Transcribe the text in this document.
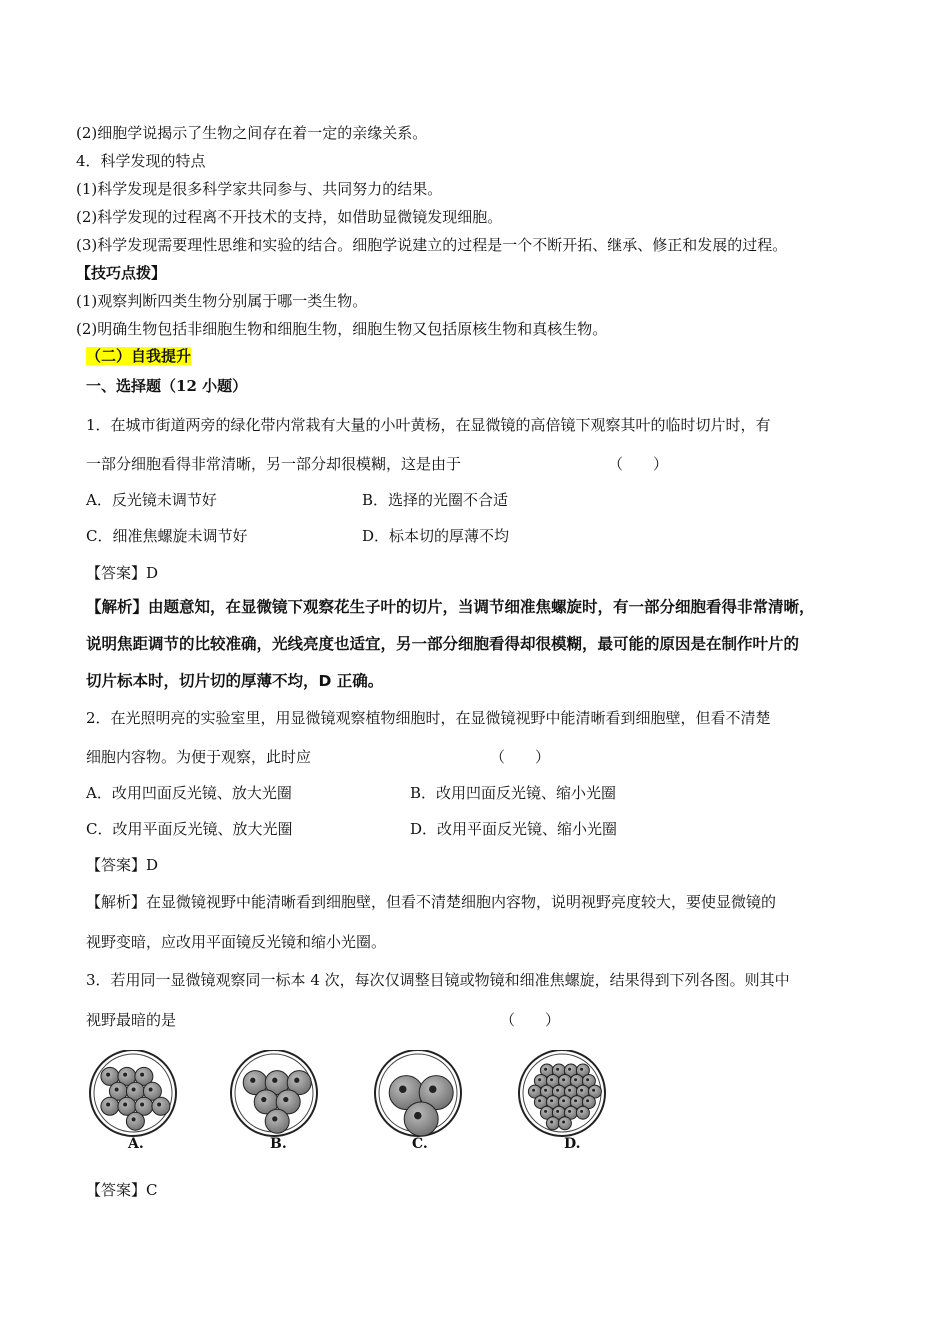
(2)细胞学说揭示了生物之间存在着一定的亲缘关系。
4．科学发现的特点
(1)科学发现是很多科学家共同参与、共同努力的结果。
(2)科学发现的过程离不开技术的支持，如借助显微镜发现细胞。
(3)科学发现需要理性思维和实验的结合。细胞学说建立的过程是一个不断开拓、继承、修正和发展的过程。
【技巧点拨】
(1)观察判断四类生物分别属于哪一类生物。
(2)明确生物包括非细胞生物和细胞生物，细胞生物又包括原核生物和真核生物。
（二）自我提升
一、选择题（12 小题）
1．在城市街道两旁的绿化带内常栽有大量的小叶黄杨，在显微镜的高倍镜下观察其叶的临时切片时，有
一部分细胞看得非常清晰，另一部分却很模糊，这是由于	（　　）
A．反光镜未调节好	B．选择的光圈不合适
C．细准焦螺旋未调节好	D．标本切的厚薄不均
【答案】D
【解析】由题意知，在显微镜下观察花生子叶的切片，当调节细准焦螺旋时，有一部分细胞看得非常清晰，
说明焦距调节的比较准确，光线亮度也适宜，另一部分细胞看得却很模糊，最可能的原因是在制作叶片的
切片标本时，切片切的厚薄不均，D 正确。
2．在光照明亮的实验室里，用显微镜观察植物细胞时，在显微镜视野中能清晰看到细胞壁，但看不清楚
细胞内容物。为便于观察，此时应	（　　）
A．改用凹面反光镜、放大光圈	B．改用凹面反光镜、缩小光圈
C．改用平面反光镜、放大光圈	D．改用平面反光镜、缩小光圈
【答案】D
【解析】在显微镜视野中能清晰看到细胞壁，但看不清楚细胞内容物，说明视野亮度较大，要使显微镜的
视野变暗，应改用平面镜反光镜和缩小光圈。
3．若用同一显微镜观察同一标本 4 次，每次仅调整目镜或物镜和细准焦螺旋，结果得到下列各图。则其中
视野最暗的是	（　　）
A.	B.	C.	D.
【答案】C
